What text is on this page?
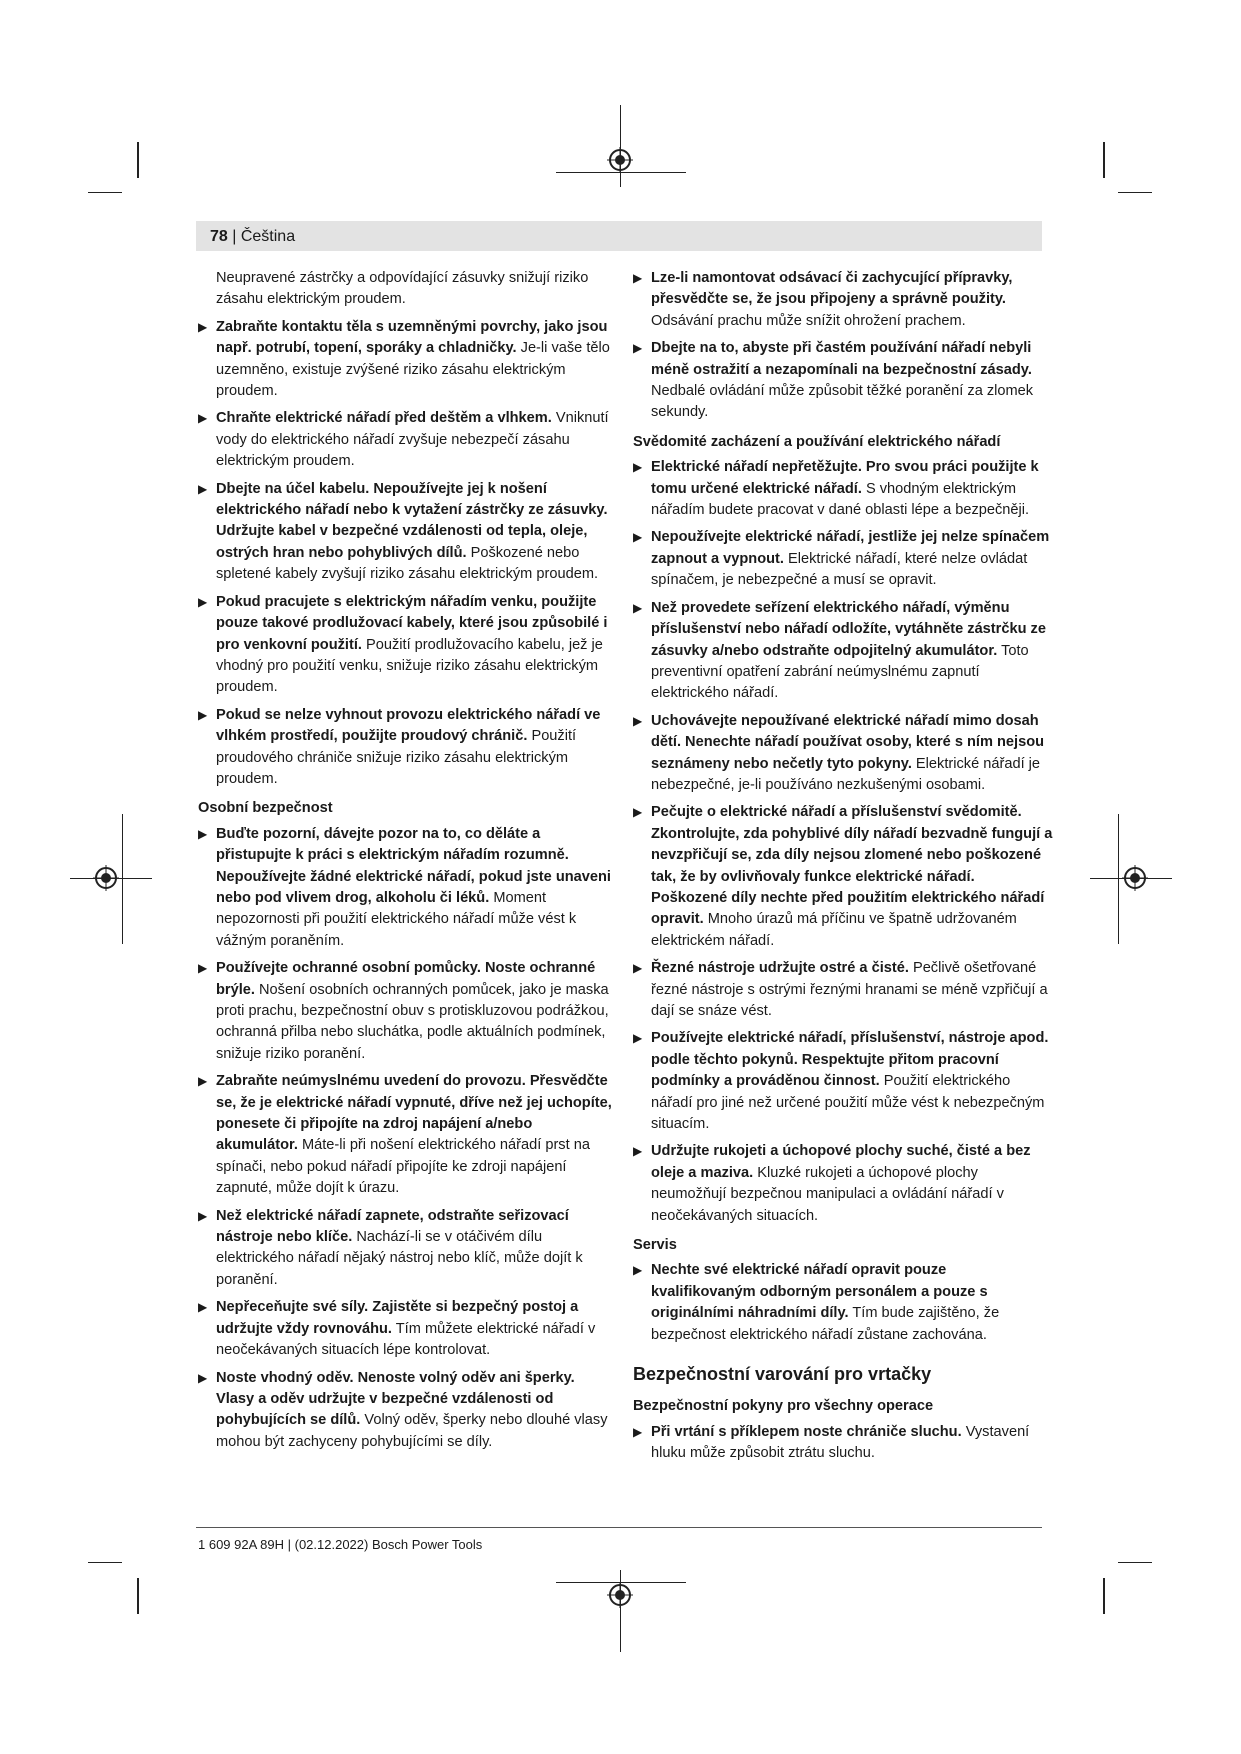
78 | Čeština
Neupravené zástrčky a odpovídající zásuvky snižují riziko zásahu elektrickým proudem.
▶ Zabraňte kontaktu těla s uzemněnými povrchy, jako jsou např. potrubí, topení, sporáky a chladničky. Je-li vaše tělo uzemněno, existuje zvýšené riziko zásahu elektrickým proudem.
▶ Chraňte elektrické nářadí před deštěm a vlhkem. Vniknutí vody do elektrického nářadí zvyšuje nebezpečí zásahu elektrickým proudem.
▶ Dbejte na účel kabelu. Nepoužívejte jej k nošení elektrického nářadí nebo k vytažení zástrčky ze zásuvky. Udržujte kabel v bezpečné vzdálenosti od tepla, oleje, ostrých hran nebo pohyblivých dílů. Poškozené nebo spletené kabely zvyšují riziko zásahu elektrickým proudem.
▶ Pokud pracujete s elektrickým nářadím venku, použijte pouze takové prodlužovací kabely, které jsou způsobilé i pro venkovní použití. Použití prodlužovacího kabelu, jež je vhodný pro použití venku, snižuje riziko zásahu elektrickým proudem.
▶ Pokud se nelze vyhnout provozu elektrického nářadí ve vlhkém prostředí, použijte proudový chránič. Použití proudového chrániče snižuje riziko zásahu elektrickým proudem.
Osobní bezpečnost
▶ Buďte pozorní, dávejte pozor na to, co děláte a přistupujte k práci s elektrickým nářadím rozumně. Nepoužívejte žádné elektrické nářadí, pokud jste unaveni nebo pod vlivem drog, alkoholu či léků. Moment nepozornosti při použití elektrického nářadí může vést k vážným poraněním.
▶ Používejte ochranné osobní pomůcky. Noste ochranné brýle. Nošení osobních ochranných pomůcek, jako je maska proti prachu, bezpečnostní obuv s protiskluzovou podrážkou, ochranná přilba nebo sluchátka, podle aktuálních podmínek, snižuje riziko poranění.
▶ Zabraňte neúmyslnému uvedení do provozu. Přesvědčte se, že je elektrické nářadí vypnuté, dříve než jej uchopíte, ponesete či připojíte na zdroj napájení a/nebo akumulátor. Máte-li při nošení elektrického nářadí prst na spínači, nebo pokud nářadí připojíte ke zdroji napájení zapnuté, může dojít k úrazu.
▶ Než elektrické nářadí zapnete, odstraňte seřizovací nástroje nebo klíče. Nachází-li se v otáčivém dílu elektrického nářadí nějaký nástroj nebo klíč, může dojít k poranění.
▶ Nepřeceňujte své síly. Zajistěte si bezpečný postoj a udržujte vždy rovnováhu. Tím můžete elektrické nářadí v neočekávaných situacích lépe kontrolovat.
▶ Noste vhodný oděv. Nenoste volný oděv ani šperky. Vlasy a oděv udržujte v bezpečné vzdálenosti od pohybujících se dílů. Volný oděv, šperky nebo dlouhé vlasy mohou být zachyceny pohybujícími se díly.
▶ Lze-li namontovat odsávací či zachycující přípravky, přesvědčte se, že jsou připojeny a správně použity. Odsávání prachu může snížit ohrožení prachem.
▶ Dbejte na to, abyste při častém používání nářadí nebyli méně ostražití a nezapomínali na bezpečnostní zásady. Nedbalé ovládání může způsobit těžké poranění za zlomek sekundy.
Svědomité zacházení a používání elektrického nářadí
▶ Elektrické nářadí nepřetěžujte. Pro svou práci použijte k tomu určené elektrické nářadí. S vhodným elektrickým nářadím budete pracovat v dané oblasti lépe a bezpečněji.
▶ Nepoužívejte elektrické nářadí, jestliže jej nelze spínačem zapnout a vypnout. Elektrické nářadí, které nelze ovládat spínačem, je nebezpečné a musí se opravit.
▶ Než provedete seřízení elektrického nářadí, výměnu příslušenství nebo nářadí odložíte, vytáhněte zástrčku ze zásuvky a/nebo odstraňte odpojitelný akumulátor. Toto preventivní opatření zabrání neúmyslnému zapnutí elektrického nářadí.
▶ Uchovávejte nepoužívané elektrické nářadí mimo dosah dětí. Nenechte nářadí používat osoby, které s ním nejsou seznámeny nebo nečetly tyto pokyny. Elektrické nářadí je nebezpečné, je-li používáno nezkušenými osobami.
▶ Pečujte o elektrické nářadí a příslušenství svědomitě. Zkontrolujte, zda pohyblivé díly nářadí bezvadně fungují a nevzpřičují se, zda díly nejsou zlomené nebo poškozené tak, že by ovlivňovaly funkce elektrické nářadí. Poškozené díly nechte před použitím elektrického nářadí opravit. Mnoho úrazů má příčinu ve špatně udržovaném elektrickém nářadí.
▶ Řezné nástroje udržujte ostré a čisté. Pečlivě ošetřované řezné nástroje s ostrými řeznými hranami se méně vzpřičují a dají se snáze vést.
▶ Používejte elektrické nářadí, příslušenství, nástroje apod. podle těchto pokynů. Respektujte přitom pracovní podmínky a prováděnou činnost. Použití elektrického nářadí pro jiné než určené použití může vést k nebezpečným situacím.
▶ Udržujte rukojeti a úchopové plochy suché, čisté a bez oleje a maziva. Kluzké rukojeti a úchopové plochy neumožňují bezpečnou manipulaci a ovládání nářadí v neočekávaných situacích.
Servis
▶ Nechte své elektrické nářadí opravit pouze kvalifikovaným odborným personálem a pouze s originálními náhradními díly. Tím bude zajištěno, že bezpečnost elektrického nářadí zůstane zachována.
Bezpečnostní varování pro vrtačky
Bezpečnostní pokyny pro všechny operace
▶ Při vrtání s příklepem noste chrániče sluchu. Vystavení hluku může způsobit ztrátu sluchu.
1 609 92A 89H | (02.12.2022) Bosch Power Tools
